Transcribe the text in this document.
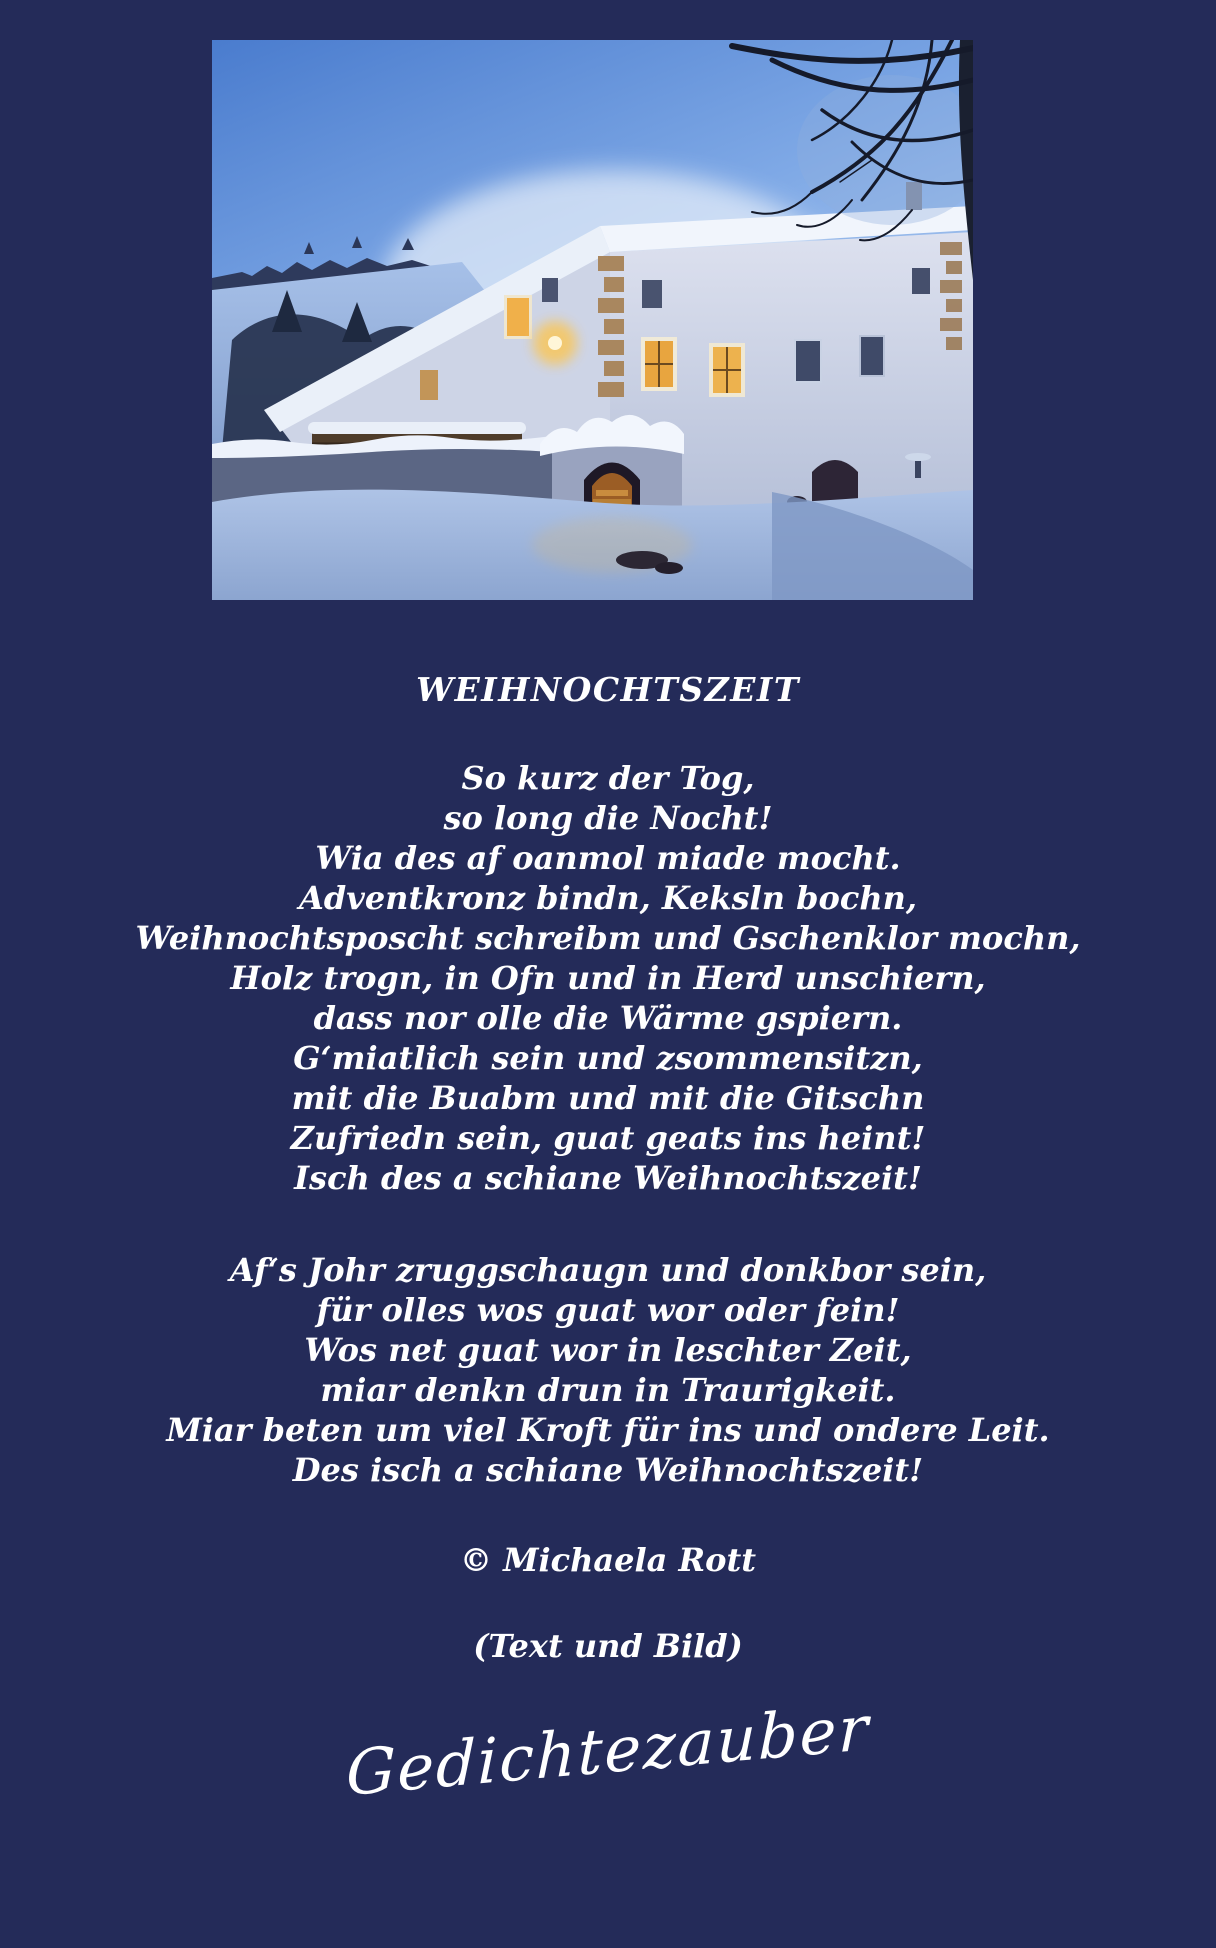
WEIHNOCHTSZEIT
So kurz der Tog,
so long die Nocht!
Wia des af oanmol miade mocht.
Adventkronz bindn, Keksln bochn,
Weihnochtsposcht schreibm und Gschenklor mochn,
Holz trogn, in Ofn und in Herd unschiern,
dass nor olle die Wärme gspiern.
G‘miatlich sein und zsommensitzn,
mit die Buabm und mit die Gitschn
Zufriedn sein, guat geats ins heint!
Isch des a schiane Weihnochtszeit!
Af‘s Johr zruggschaugn und donkbor sein,
für olles wos guat wor oder fein!
Wos net guat wor in leschter Zeit,
miar denkn drun in Traurigkeit.
Miar beten um viel Kroft für ins und ondere Leit.
Des isch a schiane Weihnochtszeit!
© Michaela Rott
(Text und Bild)
Gedichtezauber
